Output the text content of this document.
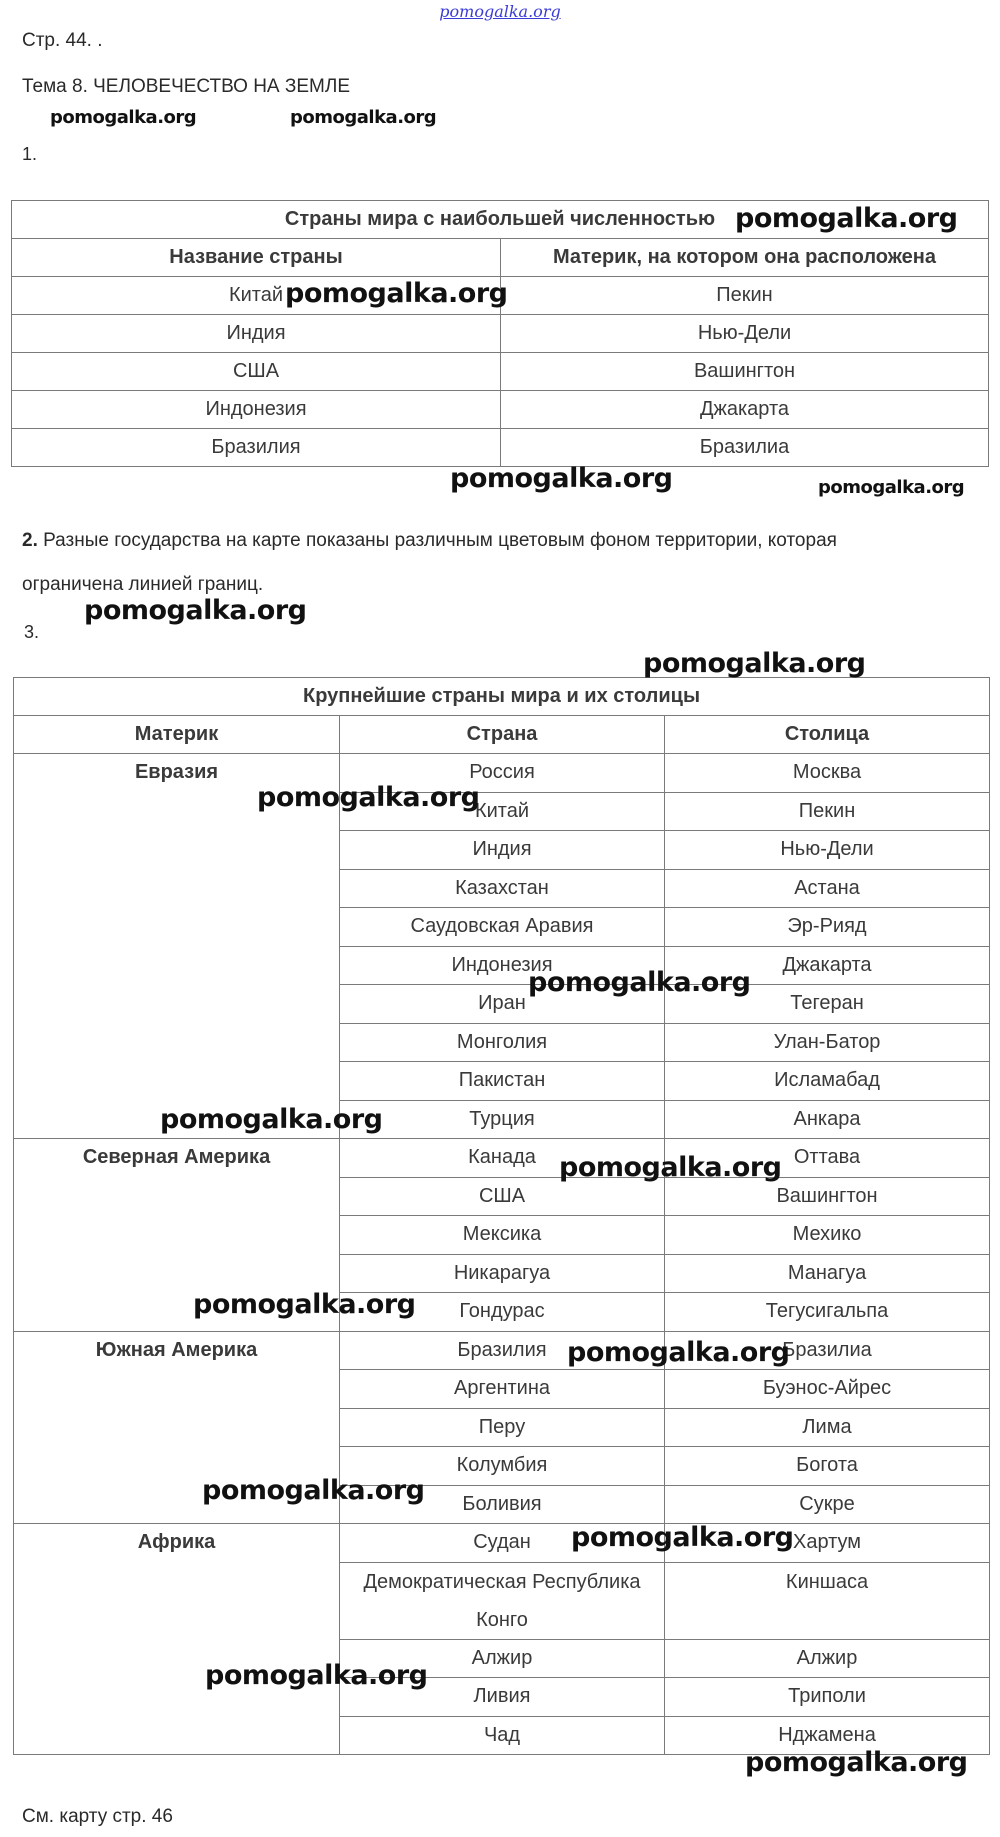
pomogalka.org
Стр. 44. .
Тема 8. ЧЕЛОВЕЧЕСТВО НА ЗЕМЛЕ
1.
Страны мира с наибольшей численностью	
Название страны	Материк, на котором она расположена
Китай	Пекин
Индия	Нью-Дели
США	Вашингтон
Индонезия	Джакарта
Бразилия	Бразилиа
2. Разные государства на карте показаны различным цветовым фоном территории, которая
ограничена линией границ.
3.
Крупнейшие страны мира и их столицы		
Материк	Страна	Столица
Евразия	Россия	Москва
	Китай	Пекин
	Индия	Нью-Дели
	Казахстан	Астана
	Саудовская Аравия	Эр-Рияд
	Индонезия	Джакарта
	Иран	Тегеран
	Монголия	Улан-Батор
	Пакистан	Исламабад
	Турция	Анкара
Северная Америка	Канада	Оттава
	США	Вашингтон
	Мексика	Мехико
	Никарагуа	Манагуа
	Гондурас	Тегусигальпа
Южная Америка	Бразилия	Бразилиа
	Аргентина	Буэнос-Айрес
	Перу	Лима
	Колумбия	Богота
	Боливия	Сукре
Африка	Судан	Хартум
	Демократическая Республика Конго	Киншаса
	Алжир	Алжир
	Ливия	Триполи
	Чад	Нджамена
См. карту стр. 46
pomogalka.org	pomogalka.org
pomogalka.org
pomogalka.org
pomogalka.org	pomogalka.org
pomogalka.org
pomogalka.org
pomogalka.org
pomogalka.org
pomogalka.org
pomogalka.org
pomogalka.org
pomogalka.org
pomogalka.org
pomogalka.org
pomogalka.org
pomogalka.org
